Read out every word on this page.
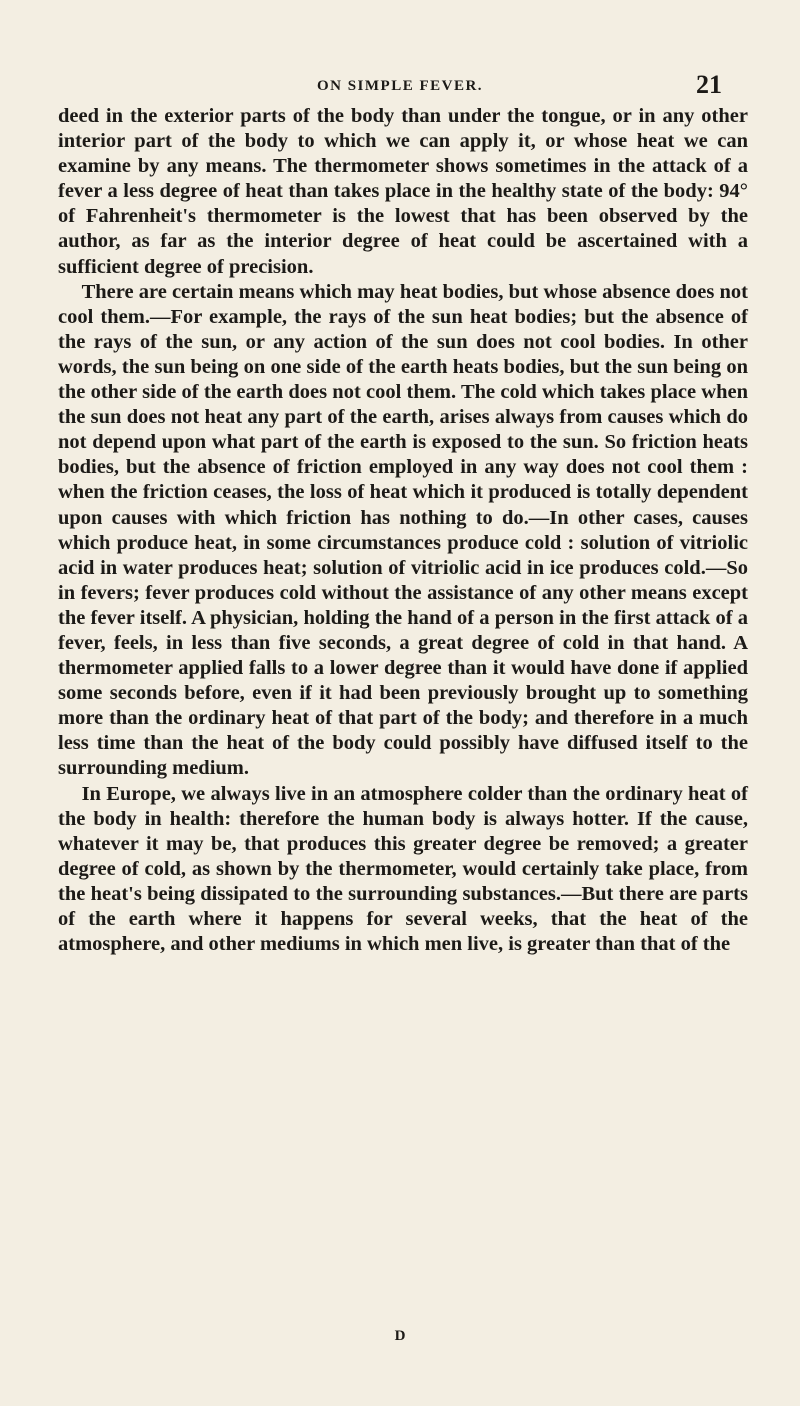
ON SIMPLE FEVER.	21

deed in the exterior parts of the body than under the tongue, or in any other interior part of the body to which we can apply it, or whose heat we can examine by any means. The thermometer shows sometimes in the attack of a fever a less degree of heat than takes place in the healthy state of the body: 94° of Fahrenheit's thermometer is the lowest that has been observed by the author, as far as the interior degree of heat could be ascertained with a sufficient degree of precision.

There are certain means which may heat bodies, but whose absence does not cool them.—For example, the rays of the sun heat bodies; but the absence of the rays of the sun, or any action of the sun does not cool bodies. In other words, the sun being on one side of the earth heats bodies, but the sun being on the other side of the earth does not cool them. The cold which takes place when the sun does not heat any part of the earth, arises always from causes which do not depend upon what part of the earth is exposed to the sun. So friction heats bodies, but the absence of friction employed in any way does not cool them : when the friction ceases, the loss of heat which it produced is totally dependent upon causes with which friction has nothing to do.—In other cases, causes which produce heat, in some circumstances produce cold : solution of vitriolic acid in water produces heat; solution of vitriolic acid in ice produces cold.—So in fevers; fever produces cold without the assistance of any other means except the fever itself. A physician, holding the hand of a person in the first attack of a fever, feels, in less than five seconds, a great degree of cold in that hand. A thermometer applied falls to a lower degree than it would have done if applied some seconds before, even if it had been previously brought up to something more than the ordinary heat of that part of the body; and therefore in a much less time than the heat of the body could possibly have diffused itself to the surrounding medium.

In Europe, we always live in an atmosphere colder than the ordinary heat of the body in health: therefore the human body is always hotter. If the cause, whatever it may be, that produces this greater degree be removed; a greater degree of cold, as shown by the thermometer, would certainly take place, from the heat's being dissipated to the surrounding substances.—But there are parts of the earth where it happens for several weeks, that the heat of the atmosphere, and other mediums in which men live, is greater than that of the

D
